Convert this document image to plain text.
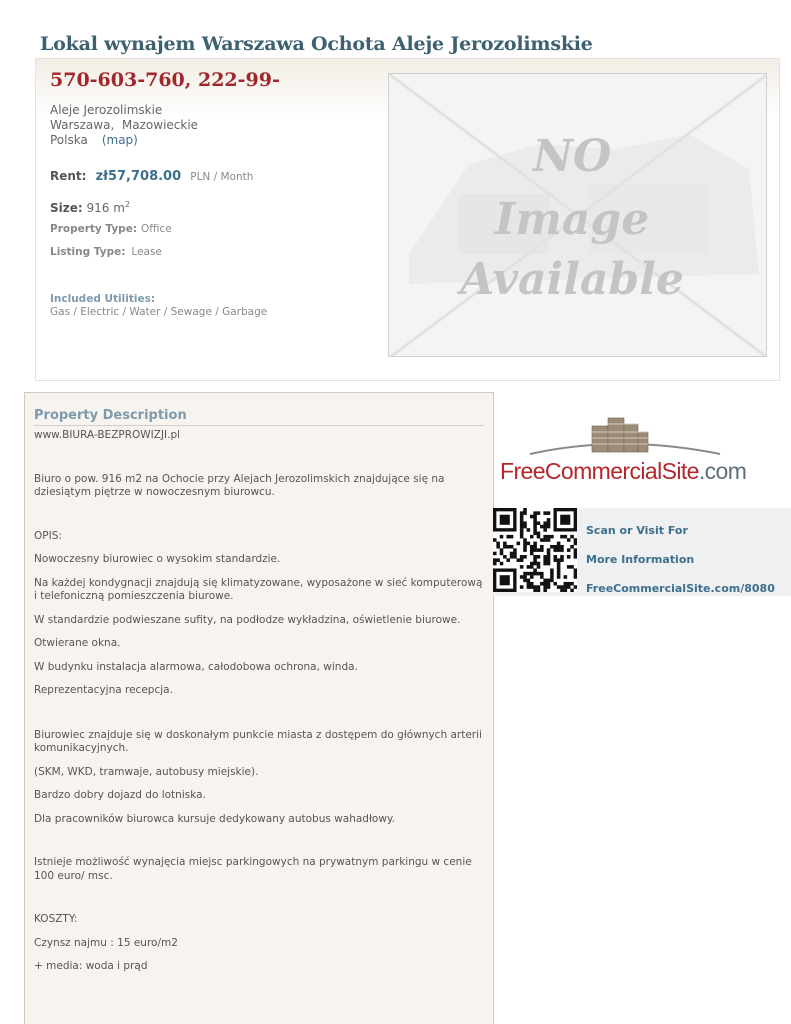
Lokal wynajem Warszawa Ochota Aleje Jerozolimskie
570-603-760, 222-99-
Aleje Jerozolimskie
Warszawa,  Mazowieckie
Polska (map)
Rent: zł57,708.00 PLN / Month
Size: 916 $m^2$
Property Type: Office
Listing Type: Lease
Included Utilities:
Gas / Electric / Water / Sewage / Garbage
NO
Image
Available
Property Description

www.BIURA-BEZPROWIZJI.pl

Biuro o pow. 916 m2 na Ochocie przy Alejach Jerozolimskich znajdujące się na dziesiątym piętrze w nowoczesnym biurowcu.

OPIS:

Nowoczesny biurowiec o wysokim standardzie.

Na każdej kondygnacji znajdują się klimatyzowane, wyposażone w sieć komputerową i telefoniczną pomieszczenia biurowe.

W standardzie podwieszane sufity, na podłodze wykładzina, oświetlenie biurowe.

Otwierane okna.

W budynku instalacja alarmowa, całodobowa ochrona, winda.

Reprezentacyjna recepcja.

Biurowiec znajduje się w doskonałym punkcie miasta z dostępem do głównych arterii komunikacyjnych.

(SKM, WKD, tramwaje, autobusy miejskie).

Bardzo dobry dojazd do lotniska.

Dla pracowników biurowca kursuje dedykowany autobus wahadłowy.

Istnieje możliwość wynajęcia miejsc parkingowych na prywatnym parkingu w cenie 100 euro/ msc.

KOSZTY:

Czynsz najmu : 15 euro/m2

+ media: woda i prąd

FreeCommercialSite.com
Scan or Visit For
More Information
FreeCommercialSite.com/8080
